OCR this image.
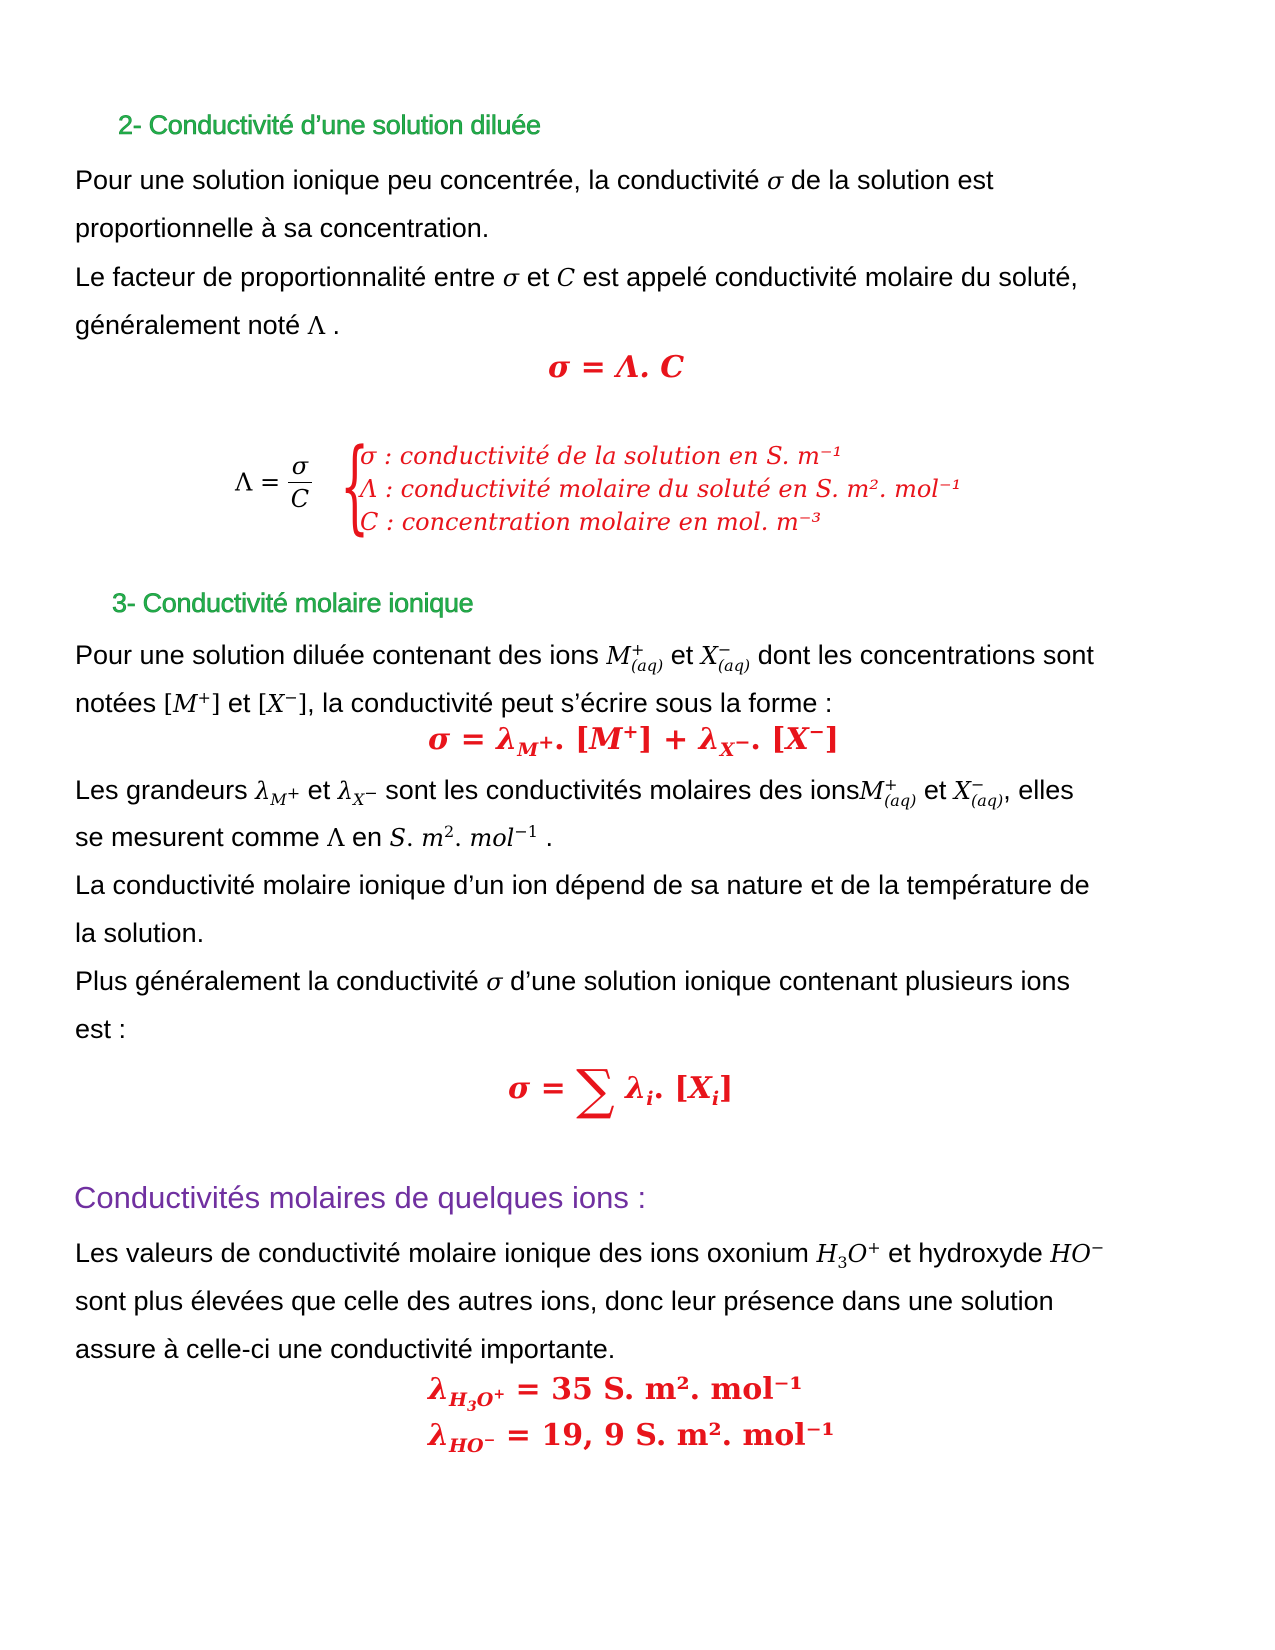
2- Conductivité d’une solution diluée
Pour une solution ionique peu concentrée, la conductivité σ de la solution est
proportionnelle à sa concentration.
Le facteur de proportionnalité entre σ et C est appelé conductivité molaire du soluté,
généralement noté Λ .
σ = Λ. C
$\Lambda = \frac{\sigma}{C}$ {
σ : conductivité de la solution en S. m⁻¹
Λ : conductivité molaire du soluté en S. m². mol⁻¹
C : concentration molaire en mol. m⁻³
3- Conductivité molaire ionique
Pour une solution diluée contenant des ions M +
(aq) et X −
(aq) dont les concentrations sont
notées [M+] et [X−], la conductivité peut s’écrire sous la forme :
$\sigma = \lambda_{M^+}$. $[M^+] + \lambda_{X^-}$. [X−]
Les grandeurs $\lambda_{M^+}$ et $\lambda_{X^-}$ sont les conductivités molaires des ionsM +
(aq) et X −
(aq) , elles
se mesurent comme Λ en S. $m^2$. mol$^{-1}$ .
La conductivité molaire ionique d’un ion dépend de sa nature et de la température de
la solution.
Plus généralement la conductivité σ d’une solution ionique contenant plusieurs ions
est :
σ = ∑ $\lambda_i$. $[X_i]$
Conductivités molaires de quelques ions :
Les valeurs de conductivité molaire ionique des ions oxonium $H_3O^+$ et hydroxyde HO−
sont plus élevées que celle des autres ions, donc leur présence dans une solution
assure à celle-ci une conductivité importante.
$\lambda_{H_3O^+} = 35$ S. m². mol⁻¹
$\lambda_{HO^-} = 19$, 9 S. m². mol⁻¹
